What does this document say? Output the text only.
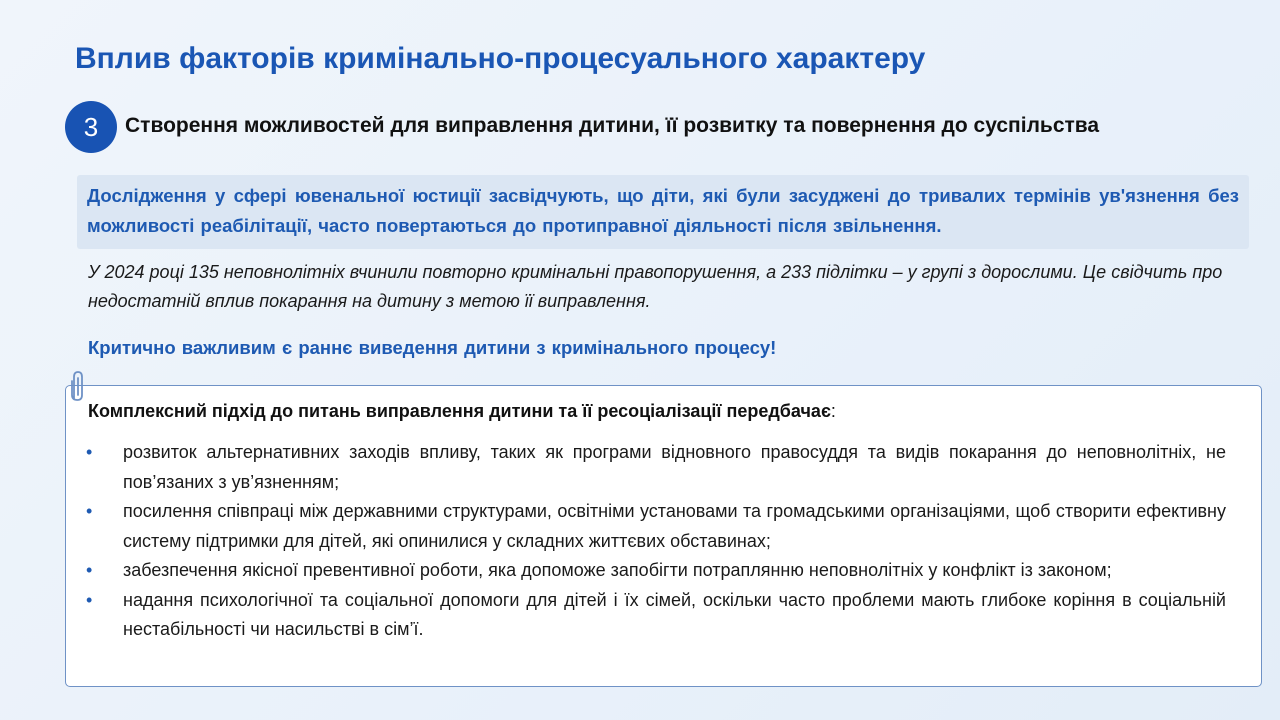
Вплив факторів кримінально-процесуального характеру
3	Створення можливостей для виправлення дитини, її розвитку та повернення до суспільства

Дослідження у сфері ювенальної юстиції засвідчують, що діти, які були засуджені до тривалих термінів ув'язнення без можливості реабілітації, часто повертаються до протиправної діяльності після звільнення.

У 2024 році 135 неповнолітніх вчинили повторно кримінальні правопорушення, а 233 підлітки – у групі з дорослими. Це свідчить про недостатній вплив покарання на дитину з метою її виправлення.

Критично важливим є раннє виведення дитини з кримінального процесу!

Комплексний підхід до питань виправлення дитини та її ресоціалізації передбачає:
• розвиток альтернативних заходів впливу, таких як програми відновного правосуддя та видів покарання до неповнолітніх, не пов’язаних з ув’язненням;
• посилення співпраці між державними структурами, освітніми установами та громадськими організаціями, щоб створити ефективну систему підтримки для дітей, які опинилися у складних життєвих обставинах;
• забезпечення якісної превентивної роботи, яка допоможе запобігти потраплянню неповнолітніх у конфлікт із законом;
• надання психологічної та соціальної допомоги для дітей і їх сімей, оскільки часто проблеми мають глибоке коріння в соціальній нестабільності чи насильстві в сім’ї.
